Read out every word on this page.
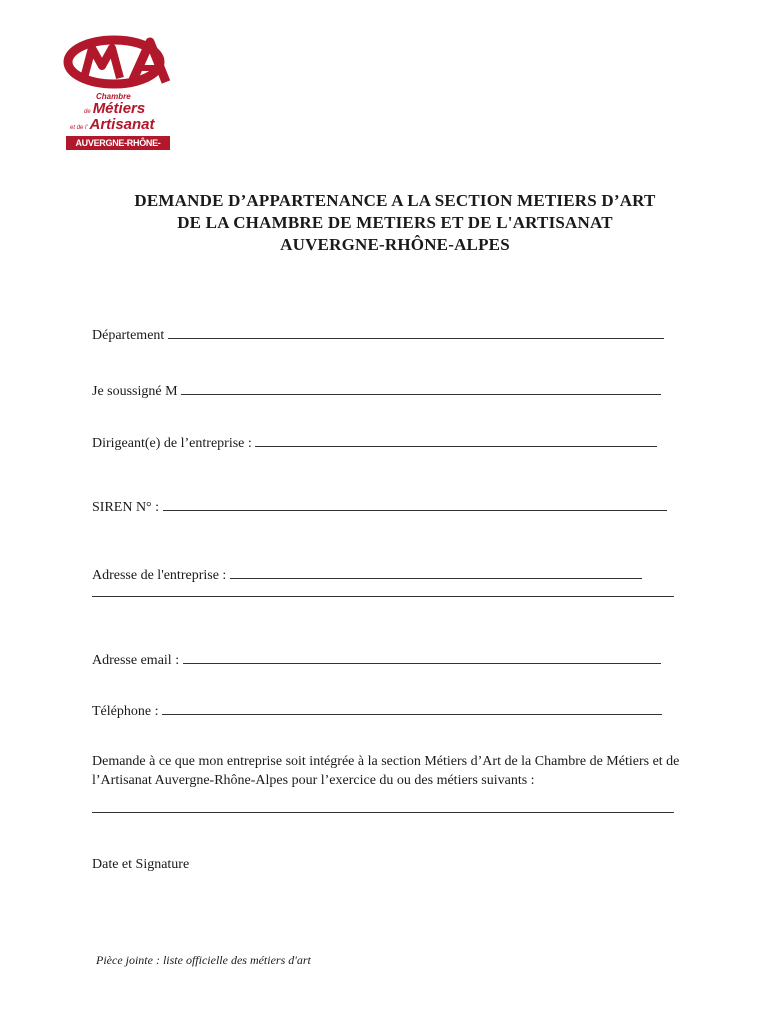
Chambre
de Métiers
et de l' Artisanat
AUVERGNE-RHÔNE-ALPES
DEMANDE D’APPARTENANCE A LA SECTION METIERS D’ART
DE LA CHAMBRE DE METIERS ET DE L'ARTISANAT
AUVERGNE-RHÔNE-ALPES
Département
Je soussigné M
Dirigeant(e) de l’entreprise :
SIREN N° :
Adresse de l'entreprise :
Adresse email :
Téléphone :
Demande à ce que mon entreprise soit intégrée à la section Métiers d’Art de la Chambre de Métiers et de l’Artisanat Auvergne-Rhône-Alpes pour l’exercice du ou des métiers suivants :
Date et Signature
Pièce jointe : liste officielle des métiers d'art
